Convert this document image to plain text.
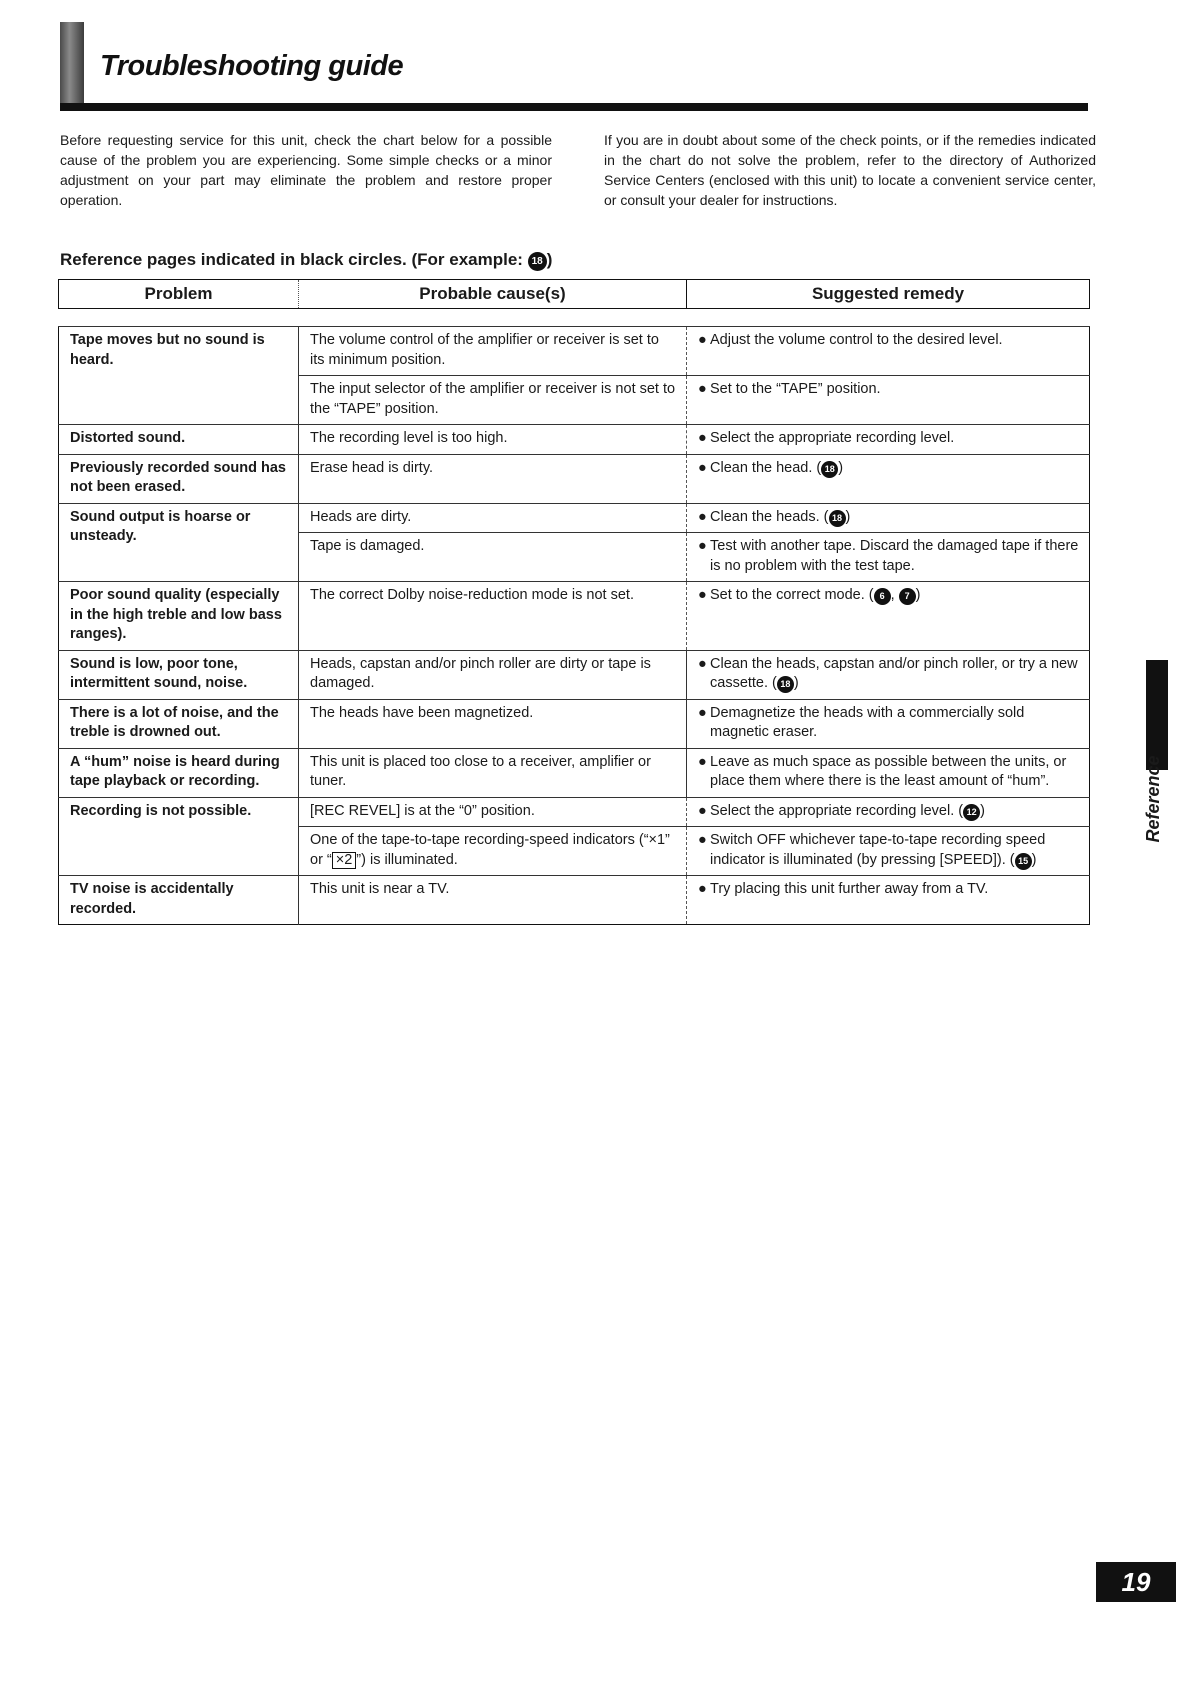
Troubleshooting guide

Before requesting service for this unit, check the chart below for a possible cause of the problem you are experiencing. Some simple checks or a minor adjustment on your part may eliminate the problem and restore proper operation.

If you are in doubt about some of the check points, or if the remedies indicated in the chart do not solve the problem, refer to the directory of Authorized Service Centers (enclosed with this unit) to locate a convenient service center, or consult your dealer for instructions.

Reference pages indicated in black circles. (For example: 18 )

Problem	Probable cause(s)	Suggested remedy
Tape moves but no sound is heard.	The volume control of the amplifier or receiver is set to its minimum position.	● Adjust the volume control to the desired level.

	The input selector of the amplifier or receiver is not set to the “TAPE” position.	● Set to the “TAPE” position.

Distorted sound.	The recording level is too high.	● Select the appropriate recording level.

Previously recorded sound has not been erased.	Erase head is dirty.	● Clean the head. ( 18 )

Sound output is hoarse or unsteady.	Heads are dirty.	● Clean the heads. ( 18 )

	Tape is damaged.	● Test with another tape. Discard the damaged tape if there is no problem with the test tape.

Poor sound quality (especially in the high treble and low bass ranges).	The correct Dolby noise-reduction mode is not set.	● Set to the correct mode. ( 6 , 7 )

Sound is low, poor tone, intermittent sound, noise.	Heads, capstan and/or pinch roller are dirty or tape is damaged.	● Clean the heads, capstan and/or pinch roller, or try a new cassette. ( 18 )

There is a lot of noise, and the treble is drowned out.	The heads have been magnetized.	● Demagnetize the heads with a commercially sold magnetic eraser.

A “hum” noise is heard during tape playback or recording.	This unit is placed too close to a receiver, amplifier or tuner.	● Leave as much space as possible between the units, or place them where there is the least amount of “hum”.

Recording is not possible.	[REC REVEL] is at the “0” position.	● Select the appropriate recording level. ( 12 )

	One of the tape-to-tape recording-speed indicators (“×1” or “ ×2 ”) is illuminated.	● Switch OFF whichever tape-to-tape recording speed indicator is illuminated (by pressing [SPEED]). ( 15 )

TV noise is accidentally recorded.	This unit is near a TV.	● Try placing this unit further away from a TV.
Reference
19
